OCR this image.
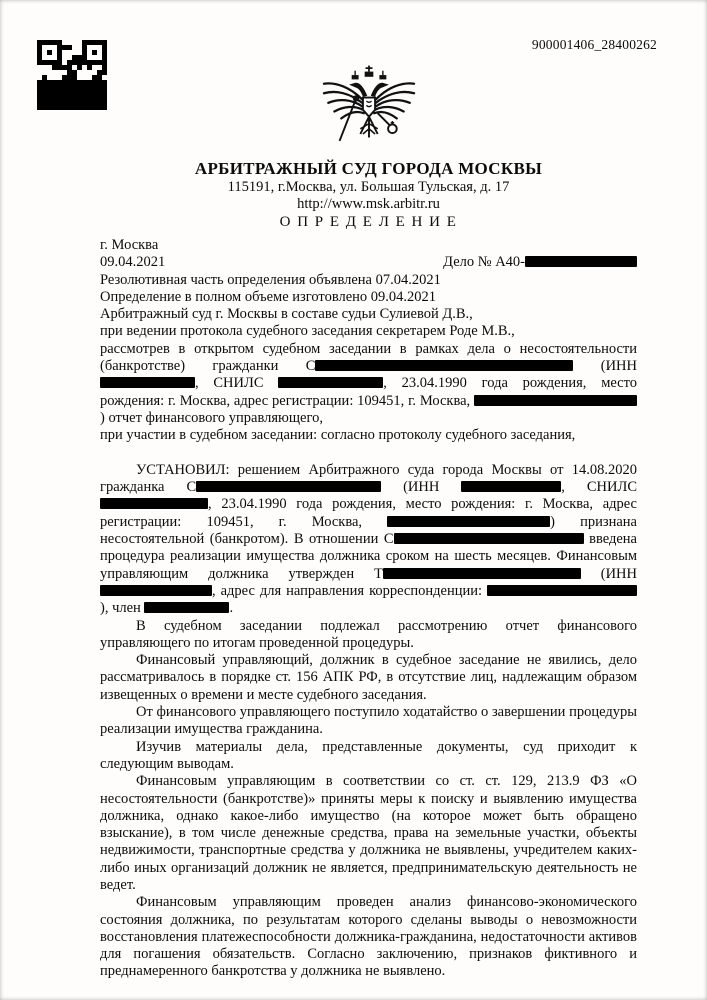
900001406_28400262
АРБИТРАЖНЫЙ СУД ГОРОДА МОСКВЫ
115191, г.Москва, ул. Большая Тульская, д. 17
http://www.msk.arbitr.ru
О П Р Е Д Е Л Е Н И Е
г. Москва
09.04.2021	Дело № А40-

Резолютивная часть определения объявлена 07.04.2021

Определение в полном объеме изготовлено 09.04.2021

Арбитражный суд г. Москвы в составе судьи Сулиевой Д.В.,

при ведении протокола судебного заседания секретарем Роде М.В.,

рассмотрев в открытом судебном заседании в рамках дела о несостоятельности (банкротстве) гражданки С	(ИНН , СНИЛС	, 23.04.1990 года рождения, место рождения: г. Москва, адрес регистрации: 109451, г. Москва, ) отчет финансового управляющего,

при участии в судебном заседании: согласно протоколу судебного заседания,

УСТАНОВИЛ: решением Арбитражного суда города Москвы от 14.08.2020 гражданка С	(ИНН	, СНИЛС , 23.04.1990 года рождения, место рождения: г. Москва, адрес регистрации: 109451, г. Москва,	) признана несостоятельной (банкротом). В отношении С	введена процедура реализации имущества должника сроком на шесть месяцев. Финансовым управляющим должника утвержден Т	(ИНН , адрес для направления корреспонденции: ), член	.

В судебном заседании подлежал рассмотрению отчет финансового управляющего по итогам проведенной процедуры.

Финансовый управляющий, должник в судебное заседание не явились, дело рассматривалось в порядке ст. 156 АПК РФ, в отсутствие лиц, надлежащим образом извещенных о времени и месте судебного заседания.

От финансового управляющего поступило ходатайство о завершении процедуры реализации имущества гражданина.

Изучив материалы дела, представленные документы, суд приходит к следующим выводам.

Финансовым управляющим в соответствии со ст. ст. 129, 213.9 ФЗ «О несостоятельности (банкротстве)» приняты меры к поиску и выявлению имущества должника, однако какое-либо имущество (на которое может быть обращено взыскание), в том числе денежные средства, права на земельные участки, объекты недвижимости, транспортные средства у должника не выявлены, учредителем каких-либо иных организаций должник не является, предпринимательскую деятельность не ведет.

Финансовым управляющим проведен анализ финансово-экономического состояния должника, по результатам которого сделаны выводы о невозможности восстановления платежеспособности должника-гражданина, недостаточности активов для погашения обязательств. Согласно заключению, признаков фиктивного и преднамеренного банкротства у должника не выявлено.
